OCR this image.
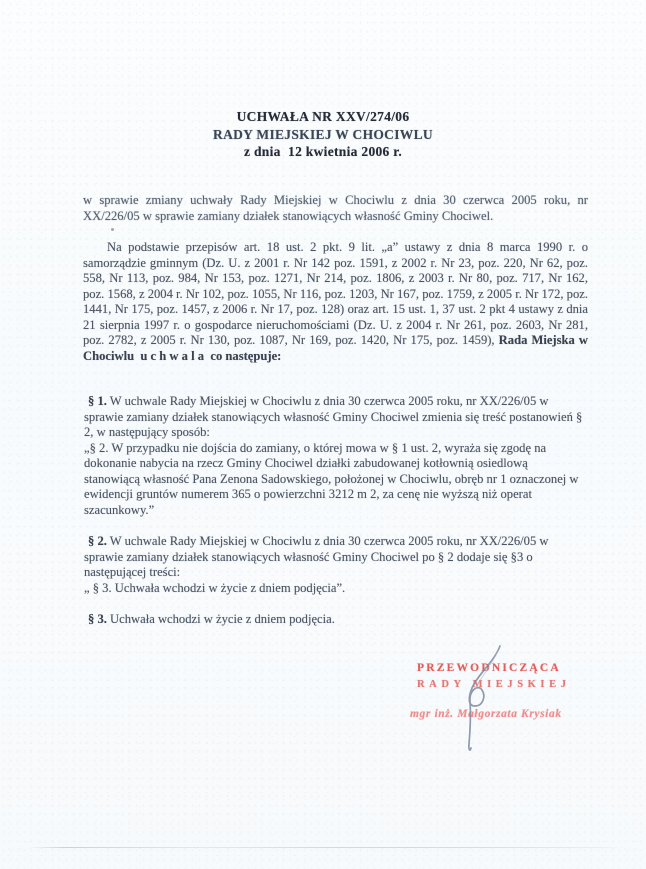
UCHWAŁA NR XXV/274/06
RADY MIEJSKIEJ W CHOCIWLU
z dnia  12 kwietnia 2006 r.
w sprawie zmiany uchwały Rady Miejskiej w Chociwlu z dnia 30 czerwca 2005 roku, nr XX/226/05 w sprawie zamiany działek stanowiących własność Gminy Chociwel.

Na podstawie przepisów art. 18 ust. 2 pkt. 9 lit. „a” ustawy z dnia 8 marca 1990 r. o samorządzie gminnym (Dz. U. z 2001 r. Nr 142 poz. 1591, z 2002 r. Nr 23, poz. 220, Nr 62, poz. 558, Nr 113, poz. 984, Nr 153, poz. 1271, Nr 214, poz. 1806, z 2003 r. Nr 80, poz. 717, Nr 162, poz. 1568, z 2004 r. Nr 102, poz. 1055, Nr 116, poz. 1203, Nr 167, poz. 1759, z 2005 r. Nr 172, poz. 1441, Nr 175, poz. 1457, z 2006 r. Nr 17, poz. 128) oraz art. 15 ust. 1, 37 ust. 2 pkt 4 ustawy z dnia 21 sierpnia 1997 r. o gospodarce nieruchomościami (Dz. U. z 2004 r. Nr 261, poz. 2603, Nr 281, poz. 2782, z 2005 r. Nr 130, poz. 1087, Nr 169, poz. 1420, Nr 175, poz. 1459), Rada Miejska w Chociwlu  u c h w a l a  co następuje:

§ 1. W uchwale Rady Miejskiej w Chociwlu z dnia 30 czerwca 2005 roku, nr XX/226/05 w sprawie zamiany działek stanowiących własność Gminy Chociwel zmienia się treść postanowień § 2, w następujący sposób:

„§ 2. W przypadku nie dojścia do zamiany, o której mowa w § 1 ust. 2, wyraża się zgodę na dokonanie nabycia na rzecz Gminy Chociwel działki zabudowanej kotłownią osiedlową stanowiącą własność Pana Zenona Sadowskiego, położonej w Chociwlu, obręb nr 1 oznaczonej w ewidencji gruntów numerem 365 o powierzchni 3212 m 2, za cenę nie wyższą niż operat szacunkowy.”

§ 2. W uchwale Rady Miejskiej w Chociwlu z dnia 30 czerwca 2005 roku, nr XX/226/05 w sprawie zamiany działek stanowiących własność Gminy Chociwel po § 2 dodaje się §3 o następującej treści:

„ § 3. Uchwała wchodzi w życie z dniem podjęcia”.

§ 3. Uchwała wchodzi w życie z dniem podjęcia.

PRZEWODNICZĄCA
RADY MIEJSKIEJ
mgr inż. Małgorzata Krysiak
